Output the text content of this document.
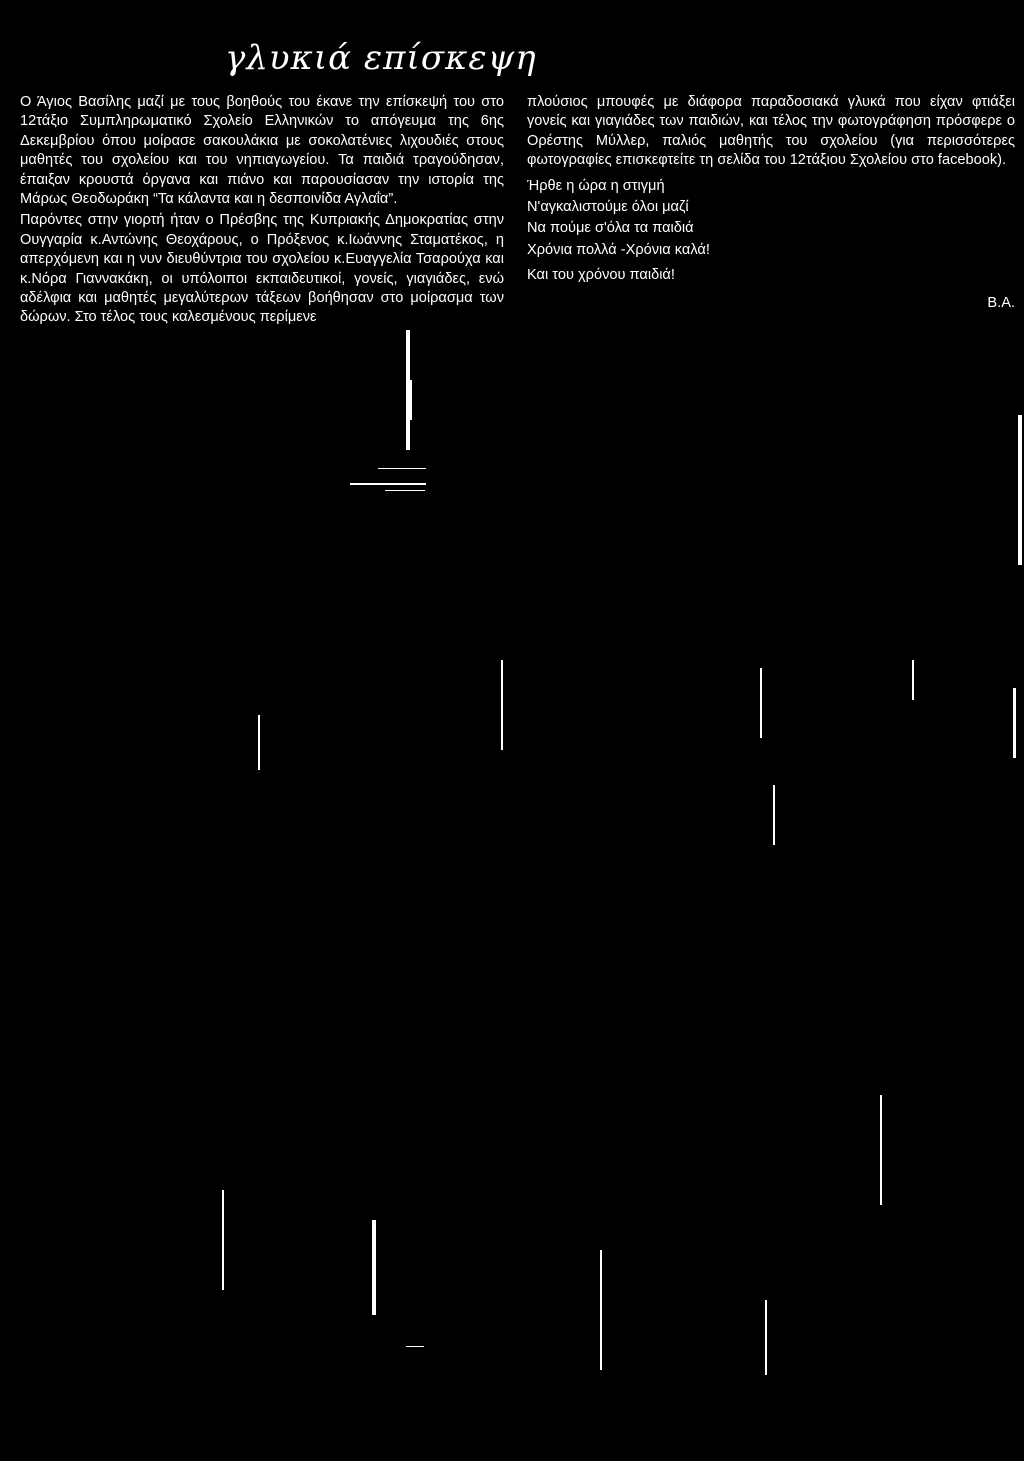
γλυκιά επίσκεψη

Ο Άγιος Βασίλης μαζί με τους βοηθούς του έκανε την επίσκεψή του στο 12τάξιο Συμπληρωματικό Σχολείο Ελληνικών το απόγευμα της 6ης Δεκεμβρίου όπου μοίρασε σακουλάκια με σοκολατένιες λιχουδιές στους μαθητές του σχολείου και του νηπιαγωγείου. Τα παιδιά τραγούδησαν, έπαιξαν κρουστά όργανα και πιάνο και παρουσίασαν την ιστορία της Μάρως Θεοδωράκη “Τα κάλαντα και η δεσποινίδα Αγλαΐα”.

Παρόντες στην γιορτή ήταν ο Πρέσβης της Κυπριακής Δημοκρατίας στην Ουγγαρία κ.Αντώνης Θεοχάρους, ο Πρόξενος κ.Ιωάννης Σταματέκος, η απερχόμενη και η νυν διευθύντρια του σχολείου κ.Ευαγγελία Τσαρούχα και κ.Νόρα Γιαννακάκη, οι υπόλοιποι εκπαιδευτικοί, γονείς, γιαγιάδες, ενώ αδέλφια και μαθητές μεγαλύτερων τάξεων βοήθησαν στο μοίρασμα των δώρων. Στο τέλος τους καλεσμένους περίμενε

πλούσιος μπουφές με διάφορα παραδοσιακά γλυκά που είχαν φτιάξει γονείς και γιαγιάδες των παιδιών, και τέλος την φωτογράφηση πρόσφερε ο Ορέστης Μύλλερ, παλιός μαθητής του σχολείου (για περισσότερες φωτογραφίες επισκεφτείτε τη σελίδα του 12τάξιου Σχολείου στο facebook).

Ήρθε η ώρα η στιγμή

Ν'αγκαλιστούμε όλοι μαζί

Να πούμε σ'όλα τα παιδιά

Χρόνια πολλά -Χρόνια καλά!

Και του χρόνου παιδιά!

Β.Α.
